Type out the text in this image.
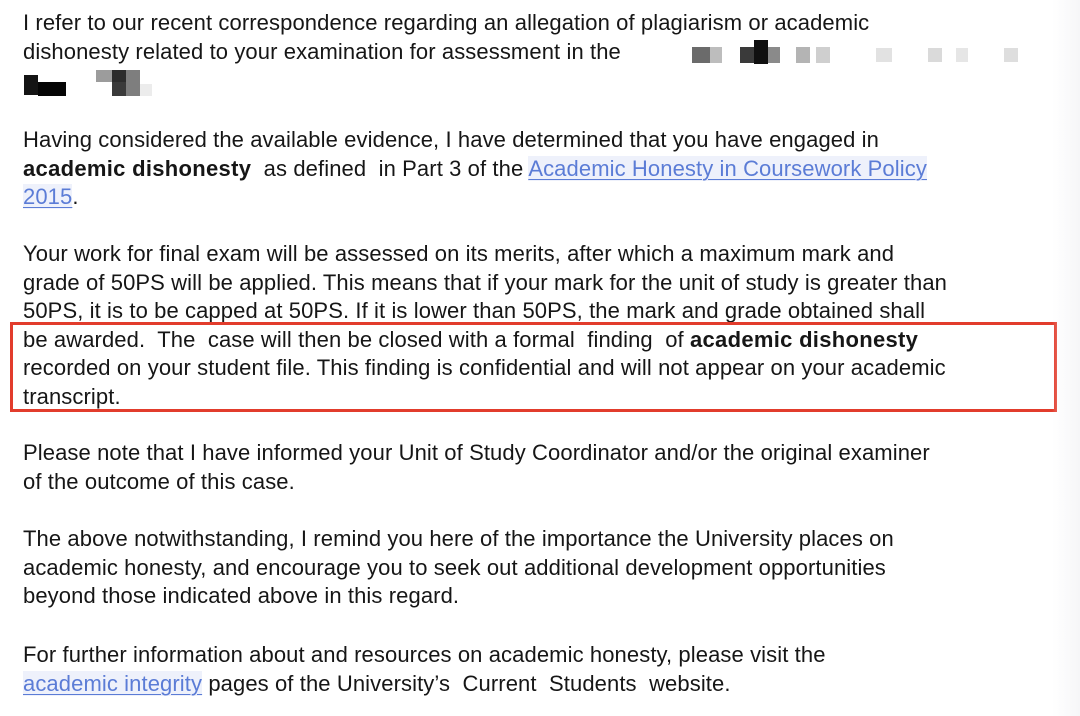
I refer to our recent correspondence regarding an allegation of plagiarism or academic
dishonesty related to your examination for assessment in the
Having considered the available evidence, I have determined that you have engaged in
academic dishonesty  as defined  in Part 3 of the Academic Honesty in Coursework Policy
2015.
Your work for final exam will be assessed on its merits, after which a maximum mark and
grade of 50PS will be applied. This means that if your mark for the unit of study is greater than
50PS, it is to be capped at 50PS. If it is lower than 50PS, the mark and grade obtained shall
be awarded.  The  case will then be closed with a formal  finding  of academic dishonesty
recorded on your student file. This finding is confidential and will not appear on your academic
transcript.
Please note that I have informed your Unit of Study Coordinator and/or the original examiner
of the outcome of this case.
The above notwithstanding, I remind you here of the importance the University places on
academic honesty, and encourage you to seek out additional development opportunities
beyond those indicated above in this regard.
For further information about and resources on academic honesty, please visit the
academic integrity pages of the University’s  Current  Students  website.
